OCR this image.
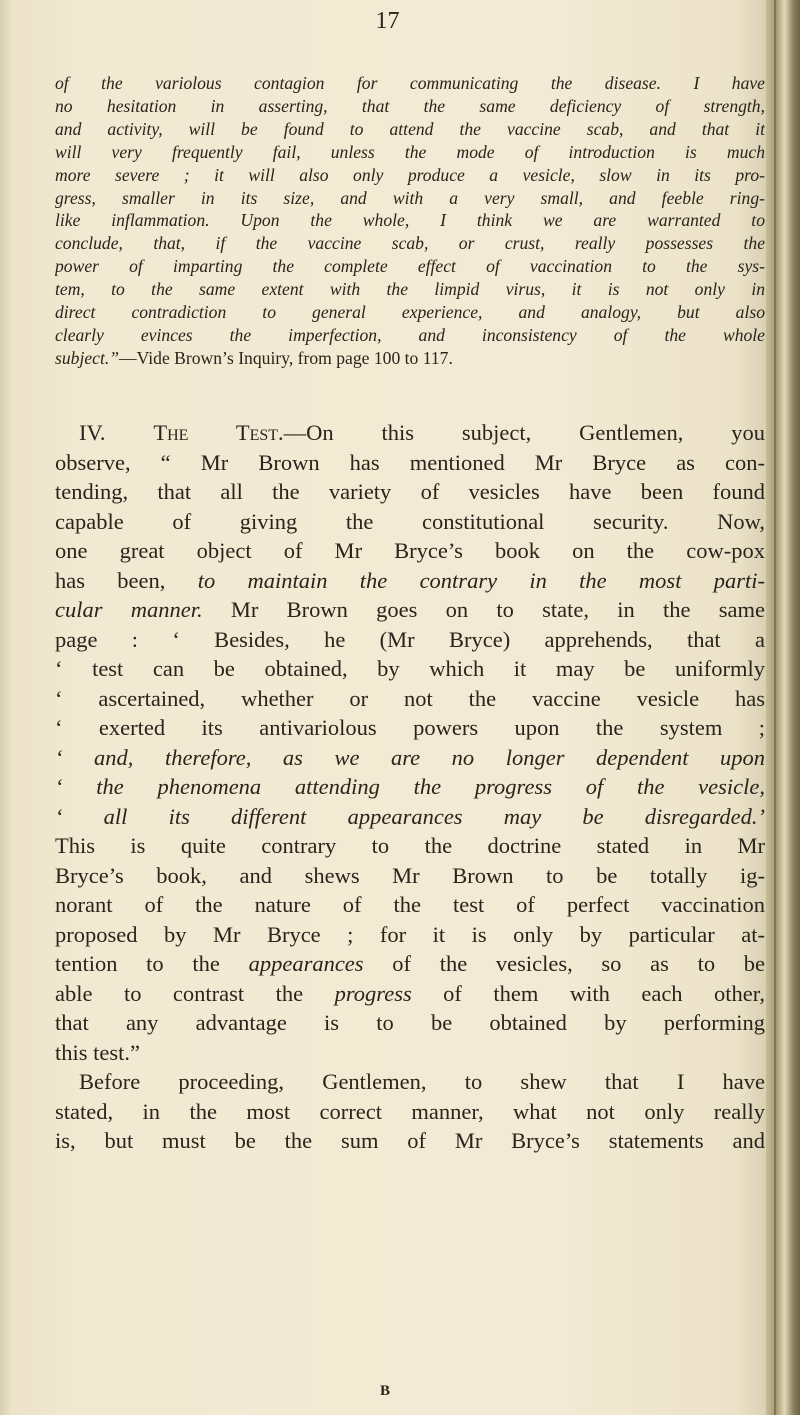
17
of the variolous contagion for communicating the disease. I have
no hesitation in asserting, that the same deficiency of strength,
and activity, will be found to attend the vaccine scab, and that it
will very frequently fail, unless the mode of introduction is much
more severe ; it will also only produce a vesicle, slow in its pro-
gress, smaller in its size, and with a very small, and feeble ring-
like inflammation. Upon the whole, I think we are warranted to
conclude, that, if the vaccine scab, or crust, really possesses the
power of imparting the complete effect of vaccination to the sys-
tem, to the same extent with the limpid virus, it is not only in
direct contradiction to general experience, and analogy, but also
clearly evinces the imperfection, and inconsistency of the whole
subject.”—Vide Brown’s Inquiry, from page 100 to 117.
IV. The Test.—On this subject, Gentlemen, you
observe, “ Mr Brown has mentioned Mr Bryce as con-
tending, that all the variety of vesicles have been found
capable of giving the constitutional security. Now,
one great object of Mr Bryce’s book on the cow-pox
has been, to maintain the contrary in the most parti-
cular manner. Mr Brown goes on to state, in the same
page : ‘ Besides, he (Mr Bryce) apprehends, that a
‘ test can be obtained, by which it may be uniformly
‘ ascertained, whether or not the vaccine vesicle has
‘ exerted its antivariolous powers upon the system ;
‘ and, therefore, as we are no longer dependent upon
‘ the phenomena attending the progress of the vesicle,
‘ all its different appearances may be disregarded.’
This is quite contrary to the doctrine stated in Mr
Bryce’s book, and shews Mr Brown to be totally ig-
norant of the nature of the test of perfect vaccination
proposed by Mr Bryce ; for it is only by particular at-
tention to the appearances of the vesicles, so as to be
able to contrast the progress of them with each other,
that any advantage is to be obtained by performing
this test.”
Before proceeding, Gentlemen, to shew that I have
stated, in the most correct manner, what not only really
is, but must be the sum of Mr Bryce’s statements and
B
